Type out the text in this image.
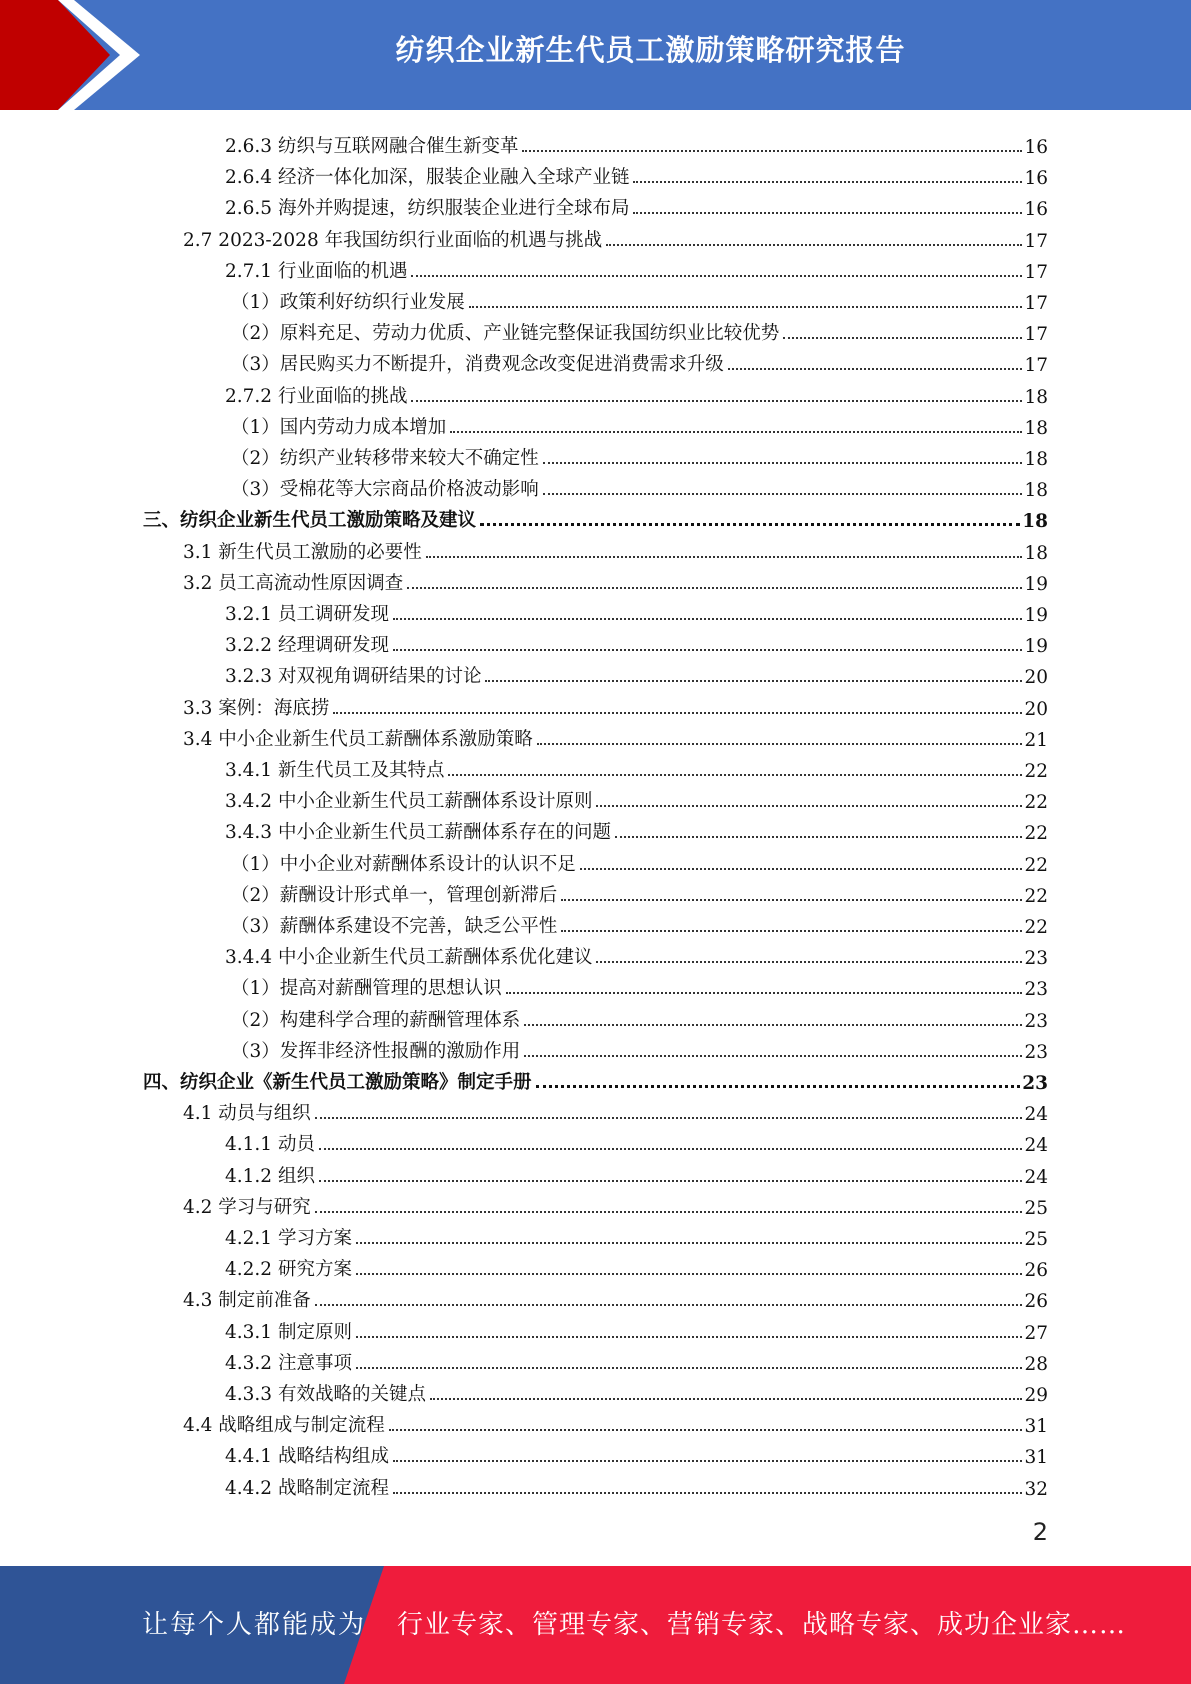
纺织企业新生代员工激励策略研究报告
2.6.3 纺织与互联网融合催生新变革	16
2.6.4 经济一体化加深，服装企业融入全球产业链	16
2.6.5 海外并购提速，纺织服装企业进行全球布局	16
2.7 2023-2028 年我国纺织行业面临的机遇与挑战	17
2.7.1 行业面临的机遇	17
（1）政策利好纺织行业发展	17
（2）原料充足、劳动力优质、产业链完整保证我国纺织业比较优势	17
（3）居民购买力不断提升，消费观念改变促进消费需求升级	17
2.7.2 行业面临的挑战	18
（1）国内劳动力成本增加	18
（2）纺织产业转移带来较大不确定性	18
（3）受棉花等大宗商品价格波动影响	18
三、纺织企业新生代员工激励策略及建议	18
3.1 新生代员工激励的必要性	18
3.2 员工高流动性原因调查	19
3.2.1 员工调研发现	19
3.2.2 经理调研发现	19
3.2.3 对双视角调研结果的讨论	20
3.3 案例：海底捞	20
3.4 中小企业新生代员工薪酬体系激励策略	21
3.4.1 新生代员工及其特点	22
3.4.2 中小企业新生代员工薪酬体系设计原则	22
3.4.3 中小企业新生代员工薪酬体系存在的问题	22
（1）中小企业对薪酬体系设计的认识不足	22
（2）薪酬设计形式单一，管理创新滞后	22
（3）薪酬体系建设不完善，缺乏公平性	22
3.4.4 中小企业新生代员工薪酬体系优化建议	23
（1）提高对薪酬管理的思想认识	23
（2）构建科学合理的薪酬管理体系	23
（3）发挥非经济性报酬的激励作用	23
四、纺织企业《新生代员工激励策略》制定手册	23
4.1 动员与组织	24
4.1.1 动员	24
4.1.2 组织	24
4.2 学习与研究	25
4.2.1 学习方案	25
4.2.2 研究方案	26
4.3 制定前准备	26
4.3.1 制定原则	27
4.3.2 注意事项	28
4.3.3 有效战略的关键点	29
4.4 战略组成与制定流程	31
4.4.1 战略结构组成	31
4.4.2 战略制定流程	32
2
让每个人都能成为 行业专家、管理专家、营销专家、战略专家、成功企业家……
